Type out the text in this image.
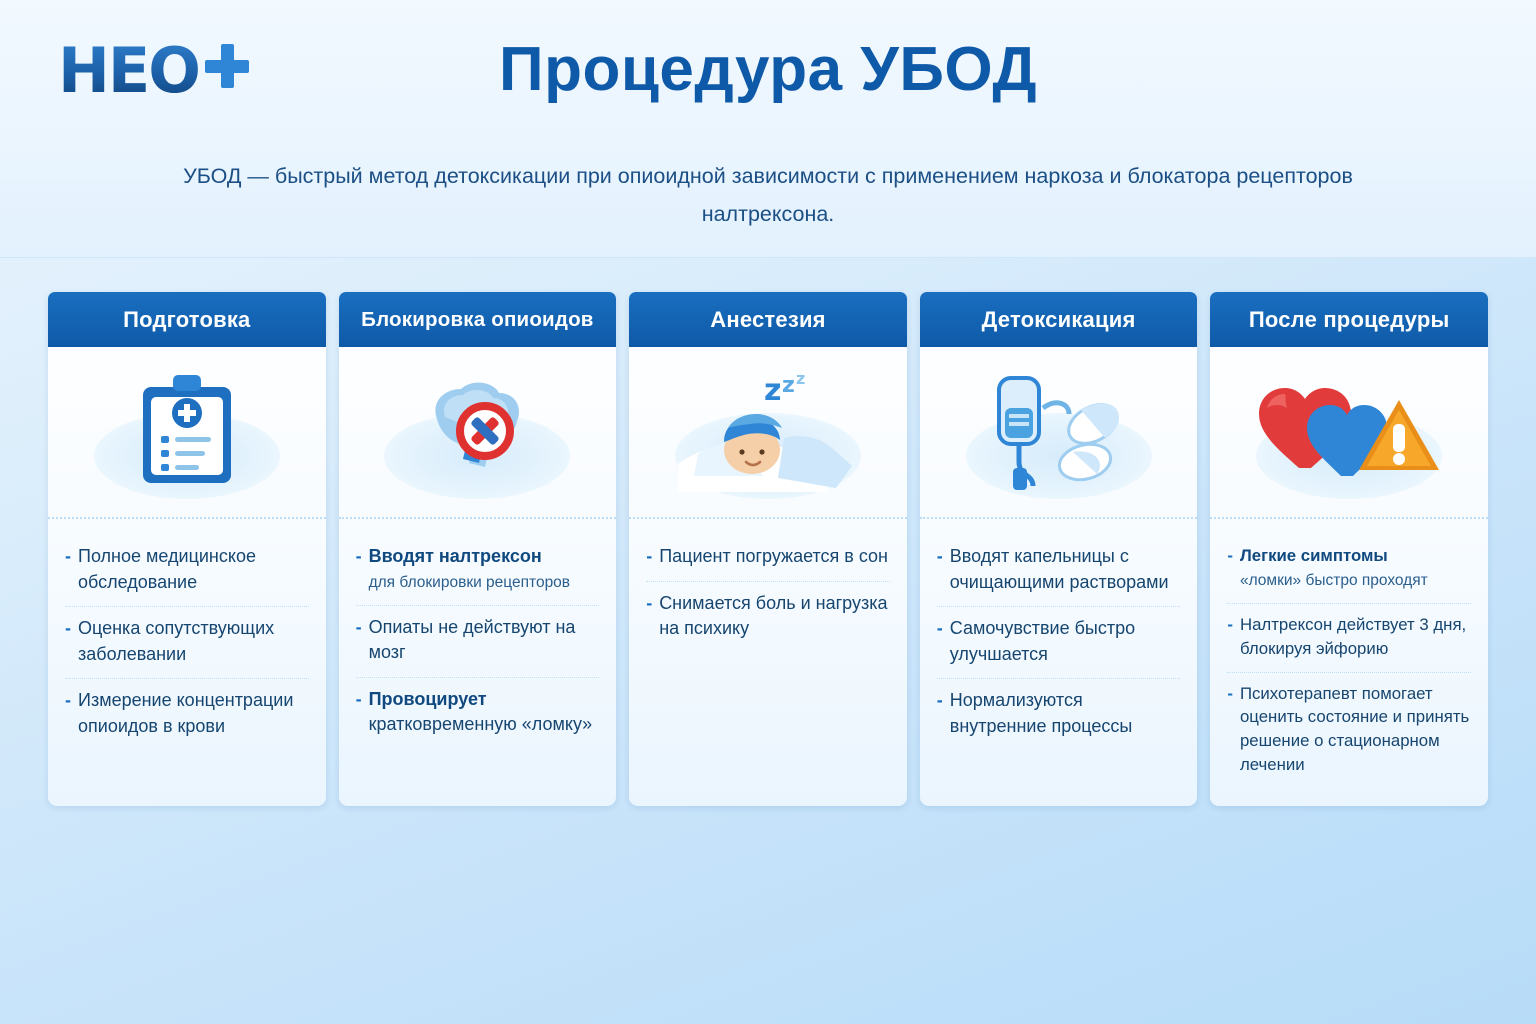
HEO	Процедура УБОД
УБОД — быстрый метод детоксикации при опиоидной зависимости с применением наркоза и блокатора рецепторов налтрексона.
Подготовка
- Полное медицинское обследование
- Оценка сопутствующих заболевании
- Измерение концентрации опиоидов в крови
Блокировка опиоидов
- Вводят налтрексон
для блокировки рецепторов
- Опиаты не действуют на мозг
- Провоцирует кратковременную «ломку»
Анестезия
z z z
- Пациент погружается в сон
- Снимается боль и нагрузка на психику
Детоксикация
- Вводят капельницы с очищающими растворами
- Самочувствие быстро улучшается
- Нормализуются внутренние процессы
После процедуры
- Легкие симптомы
«ломки» быстро проходят
- Налтрексон действует 3 дня, блокируя эйфорию
- Психотерапевт помогает оценить состояние и принять решение о стационарном лечении
